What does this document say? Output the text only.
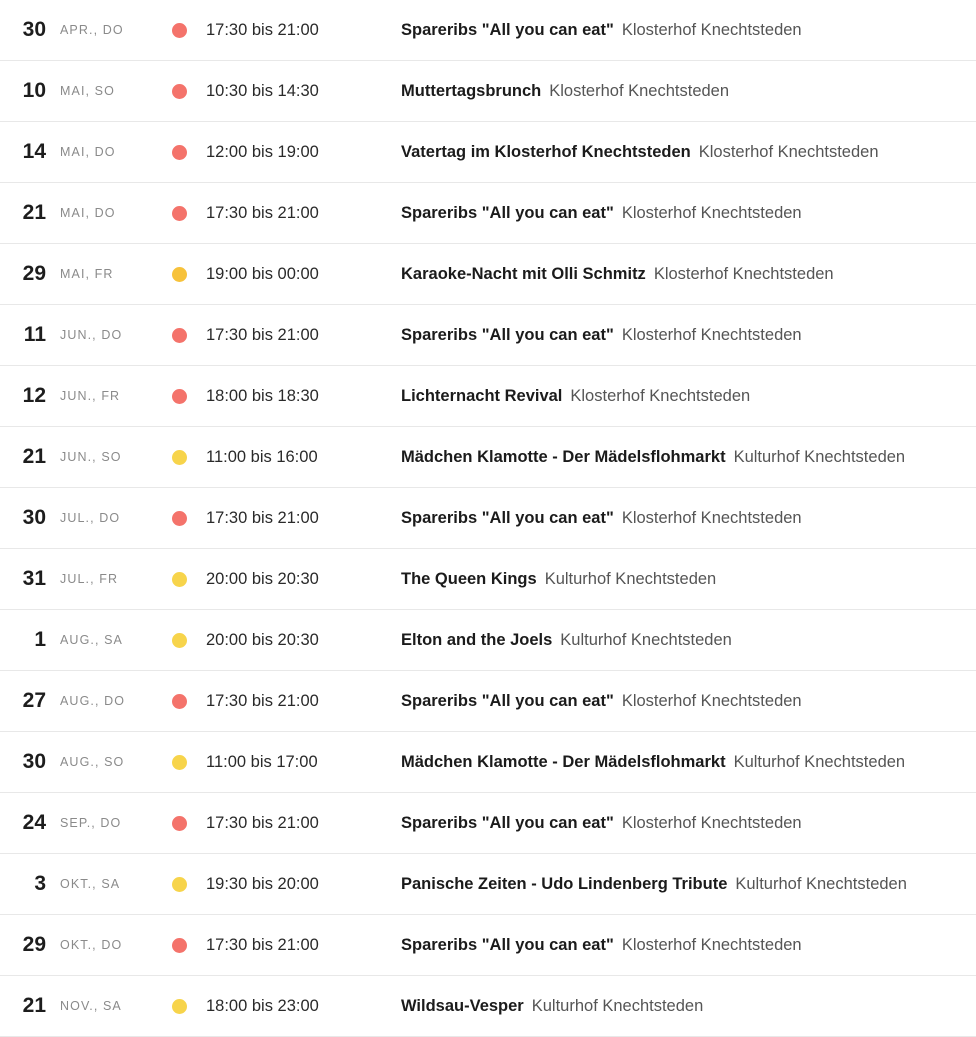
30	APR., DO	17:30 bis 21:00	Spareribs "All you can eat" Klosterhof Knechtsteden
10	MAI, SO	10:30 bis 14:30	Muttertagsbrunch Klosterhof Knechtsteden
14	MAI, DO	12:00 bis 19:00	Vatertag im Klosterhof Knechtsteden Klosterhof Knechtsteden
21	MAI, DO	17:30 bis 21:00	Spareribs "All you can eat" Klosterhof Knechtsteden
29	MAI, FR	19:00 bis 00:00	Karaoke-Nacht mit Olli Schmitz Klosterhof Knechtsteden
11	JUN., DO	17:30 bis 21:00	Spareribs "All you can eat" Klosterhof Knechtsteden
12	JUN., FR	18:00 bis 18:30	Lichternacht Revival Klosterhof Knechtsteden
21	JUN., SO	11:00 bis 16:00	Mädchen Klamotte - Der Mädelsflohmarkt Kulturhof Knechtsteden
30	JUL., DO	17:30 bis 21:00	Spareribs "All you can eat" Klosterhof Knechtsteden
31	JUL., FR	20:00 bis 20:30	The Queen Kings Kulturhof Knechtsteden
1	AUG., SA	20:00 bis 20:30	Elton and the Joels Kulturhof Knechtsteden
27	AUG., DO	17:30 bis 21:00	Spareribs "All you can eat" Klosterhof Knechtsteden
30	AUG., SO	11:00 bis 17:00	Mädchen Klamotte - Der Mädelsflohmarkt Kulturhof Knechtsteden
24	SEP., DO	17:30 bis 21:00	Spareribs "All you can eat" Klosterhof Knechtsteden
3	OKT., SA	19:30 bis 20:00	Panische Zeiten - Udo Lindenberg Tribute Kulturhof Knechtsteden
29	OKT., DO	17:30 bis 21:00	Spareribs "All you can eat" Klosterhof Knechtsteden
21	NOV., SA	18:00 bis 23:00	Wildsau-Vesper Kulturhof Knechtsteden
